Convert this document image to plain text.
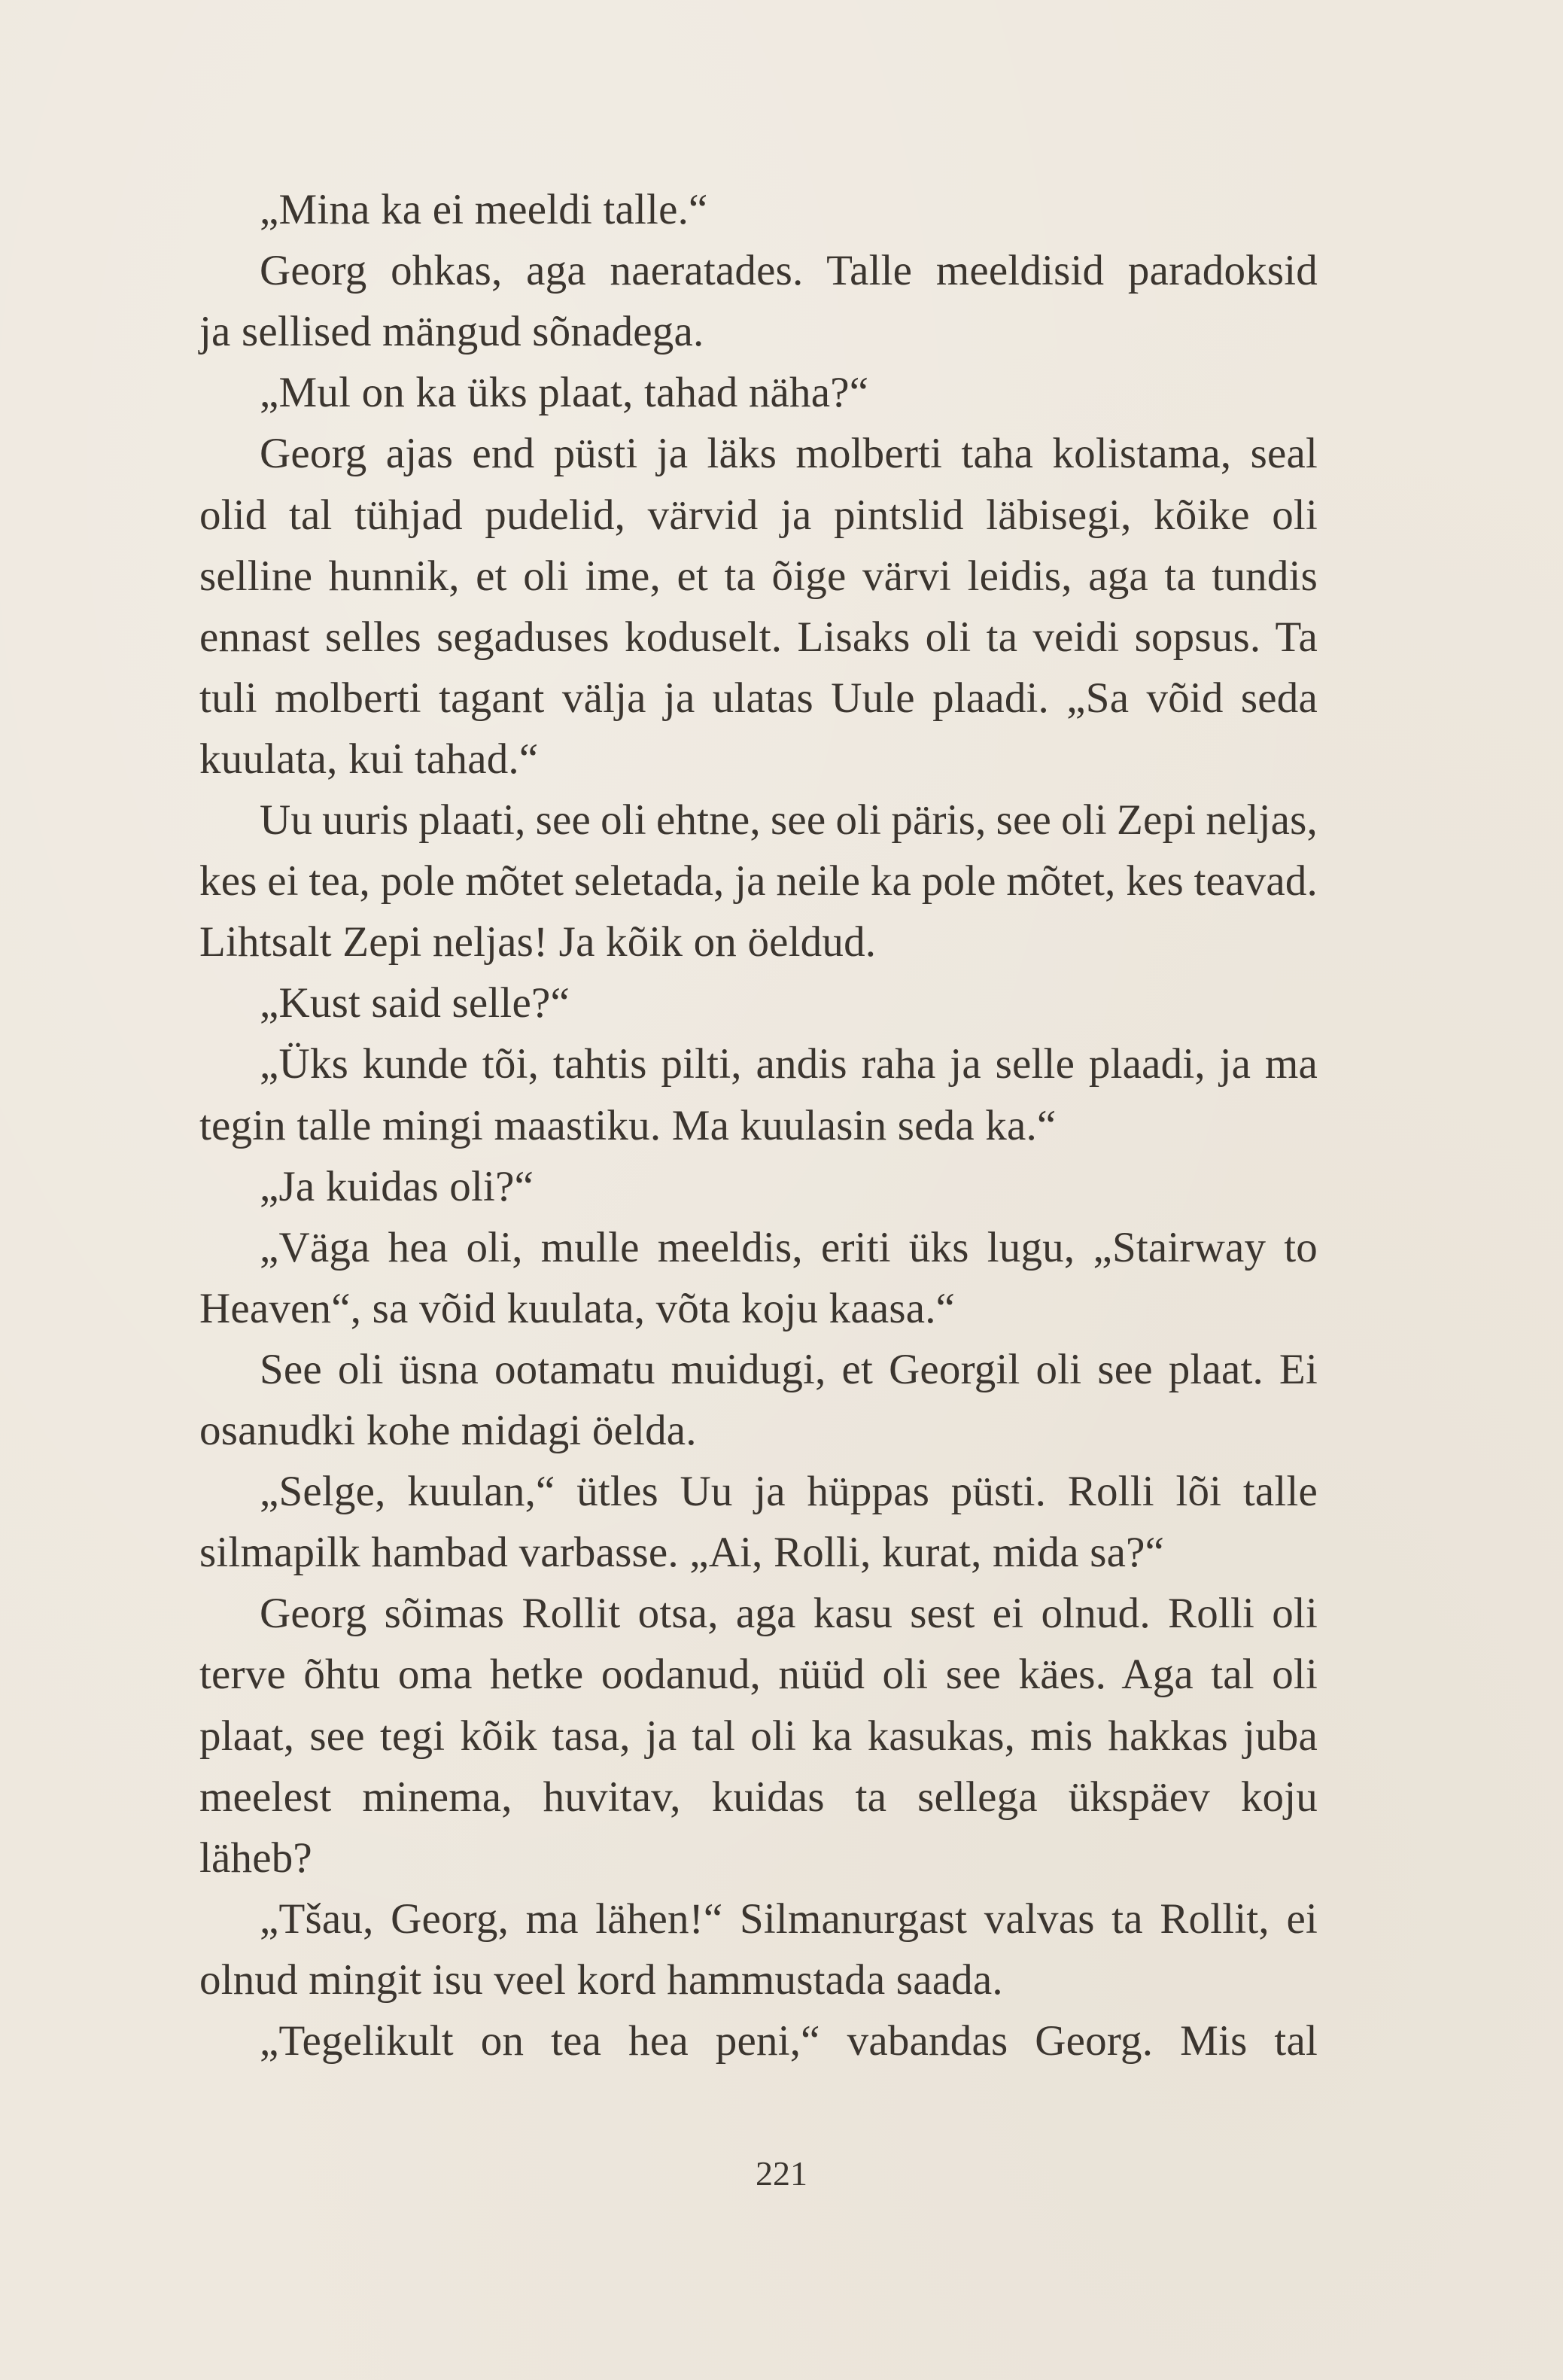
„Mina ka ei meeldi talle.“
Georg ohkas, aga naeratades. Talle meeldisid paradoksid
ja sellised mängud sõnadega.
„Mul on ka üks plaat, tahad näha?“
Georg ajas end püsti ja läks molberti taha kolistama, seal
olid tal tühjad pudelid, värvid ja pintslid läbisegi, kõike oli
selline hunnik, et oli ime, et ta õige värvi leidis, aga ta tundis
ennast selles segaduses koduselt. Lisaks oli ta veidi sopsus. Ta
tuli molberti tagant välja ja ulatas Uule plaadi. „Sa võid seda
kuulata, kui tahad.“
Uu uuris plaati, see oli ehtne, see oli päris, see oli Zepi neljas,
kes ei tea, pole mõtet seletada, ja neile ka pole mõtet, kes teavad.
Lihtsalt Zepi neljas! Ja kõik on öeldud.
„Kust said selle?“
„Üks kunde tõi, tahtis pilti, andis raha ja selle plaadi, ja ma
tegin talle mingi maastiku. Ma kuulasin seda ka.“
„Ja kuidas oli?“
„Väga hea oli, mulle meeldis, eriti üks lugu, „Stairway to
Heaven“, sa võid kuulata, võta koju kaasa.“
See oli üsna ootamatu muidugi, et Georgil oli see plaat. Ei
osanudki kohe midagi öelda.
„Selge, kuulan,“ ütles Uu ja hüppas püsti. Rolli lõi talle
silmapilk hambad varbasse. „Ai, Rolli, kurat, mida sa?“
Georg sõimas Rollit otsa, aga kasu sest ei olnud. Rolli oli
terve õhtu oma hetke oodanud, nüüd oli see käes. Aga tal oli
plaat, see tegi kõik tasa, ja tal oli ka kasukas, mis hakkas juba
meelest minema, huvitav, kuidas ta sellega ükspäev koju
läheb?
„Tšau, Georg, ma lähen!“ Silmanurgast valvas ta Rollit, ei
olnud mingit isu veel kord hammustada saada.
„Tegelikult on tea hea peni,“ vabandas Georg. Mis tal
221
